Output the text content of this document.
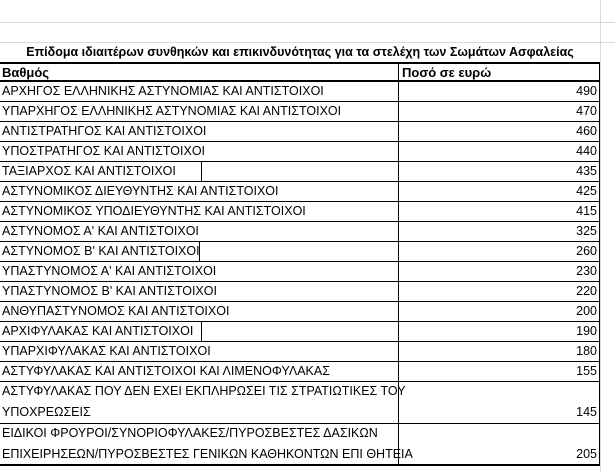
Επίδομα ιδιαιτέρων συνθηκών και επικινδυνότητας για τα στελέχη των Σωμάτων Ασφαλείας
Βαθμός	Ποσό σε ευρώ
ΑΡΧΗΓΟΣ ΕΛΛΗΝΙΚΗΣ ΑΣΤΥΝΟΜΙΑΣ ΚΑΙ ΑΝΤΙΣΤΟΙΧΟΙ	490
ΥΠΑΡΧΗΓΟΣ ΕΛΛΗΝΙΚΗΣ ΑΣΤΥΝΟΜΙΑΣ ΚΑΙ ΑΝΤΙΣΤΟΙΧΟΙ	470
ΑΝΤΙΣΤΡΑΤΗΓΟΣ ΚΑΙ ΑΝΤΙΣΤΟΙΧΟΙ	460
ΥΠΟΣΤΡΑΤΗΓΟΣ ΚΑΙ ΑΝΤΙΣΤΟΙΧΟΙ	440
ΤΑΞΙΑΡΧΟΣ ΚΑΙ ΑΝΤΙΣΤΟΙΧΟΙ	435
ΑΣΤΥΝΟΜΙΚΟΣ ΔΙΕΥΘΥΝΤΗΣ ΚΑΙ ΑΝΤΙΣΤΟΙΧΟΙ	425
ΑΣΤΥΝΟΜΙΚΟΣ ΥΠΟΔΙΕΥΘΥΝΤΗΣ ΚΑΙ ΑΝΤΙΣΤΟΙΧΟΙ	415
ΑΣΤΥΝΟΜΟΣ Α' ΚΑΙ ΑΝΤΙΣΤΟΙΧΟΙ	325
ΑΣΤΥΝΟΜΟΣ Β' ΚΑΙ ΑΝΤΙΣΤΟΙΧΟΙ	260
ΥΠΑΣΤΥΝΟΜΟΣ Α' ΚΑΙ ΑΝΤΙΣΤΟΙΧΟΙ	230
ΥΠΑΣΤΥΝΟΜΟΣ Β' ΚΑΙ ΑΝΤΙΣΤΟΙΧΟΙ	220
ΑΝΘΥΠΑΣΤΥΝΟΜΟΣ ΚΑΙ ΑΝΤΙΣΤΟΙΧΟΙ	200
ΑΡΧΙΦΥΛΑΚΑΣ ΚΑΙ ΑΝΤΙΣΤΟΙΧΟΙ	190
ΥΠΑΡΧΙΦΥΛΑΚΑΣ ΚΑΙ ΑΝΤΙΣΤΟΙΧΟΙ	180
ΑΣΤΥΦΥΛΑΚΑΣ ΚΑΙ ΑΝΤΙΣΤΟΙΧΟΙ ΚΑΙ ΛΙΜΕΝΟΦΥΛΑΚΑΣ	155
ΑΣΤΥΦΥΛΑΚΑΣ ΠΟΥ ΔΕΝ ΕΧΕΙ ΕΚΠΛΗΡΩΣΕΙ ΤΙΣ ΣΤΡΑΤΙΩΤΙΚΕΣ ΤΟΥ
ΥΠΟΧΡΕΩΣΕΙΣ	145
ΕΙΔΙΚΟΙ ΦΡΟΥΡΟΙ/ΣΥΝΟΡΙΟΦΥΛΑΚΕΣ/ΠΥΡΟΣΒΕΣΤΕΣ ΔΑΣΙΚΩΝ
ΕΠΙΧΕΙΡΗΣΕΩΝ/ΠΥΡΟΣΒΕΣΤΕΣ ΓΕΝΙΚΩΝ ΚΑΘΗΚΟΝΤΩΝ ΕΠΙ ΘΗΤΕΙΑ	205
